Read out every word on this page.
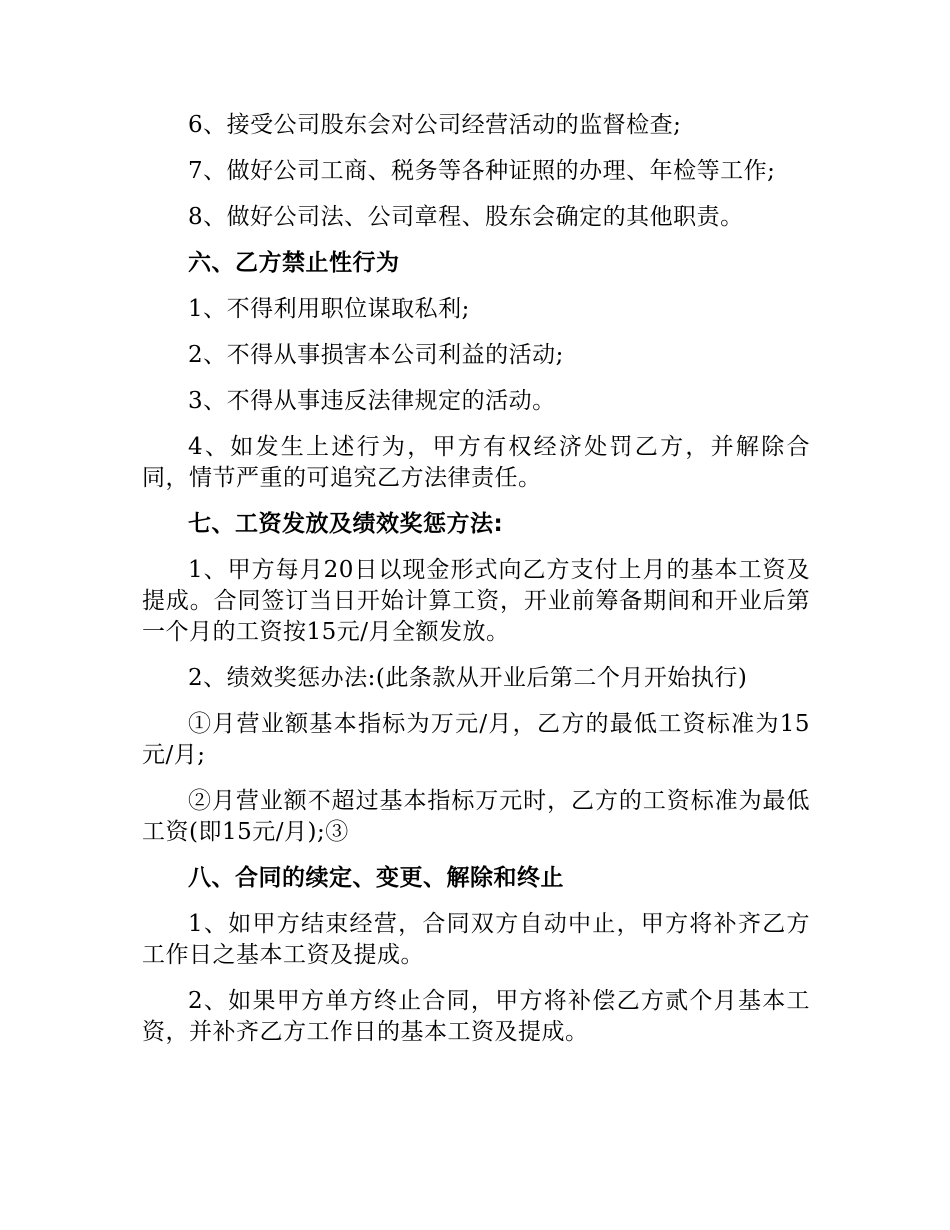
6、接受公司股东会对公司经营活动的监督检查;

7、做好公司工商、税务等各种证照的办理、年检等工作;

8、做好公司法、公司章程、股东会确定的其他职责。

六、乙方禁止性行为

1、不得利用职位谋取私利;

2、不得从事损害本公司利益的活动;

3、不得从事违反法律规定的活动。

4、如发生上述行为，甲方有权经济处罚乙方，并解除合同，情节严重的可追究乙方法律责任。

七、工资发放及绩效奖惩方法:

1、甲方每月20日以现金形式向乙方支付上月的基本工资及提成。合同签订当日开始计算工资，开业前筹备期间和开业后第一个月的工资按15元/月全额发放。

2、绩效奖惩办法:(此条款从开业后第二个月开始执行)

①月营业额基本指标为万元/月，乙方的最低工资标准为15元/月;

②月营业额不超过基本指标万元时，乙方的工资标准为最低工资(即15元/月);③

八、合同的续定、变更、解除和终止

1、如甲方结束经营，合同双方自动中止，甲方将补齐乙方工作日之基本工资及提成。

2、如果甲方单方终止合同，甲方将补偿乙方贰个月基本工资，并补齐乙方工作日的基本工资及提成。
